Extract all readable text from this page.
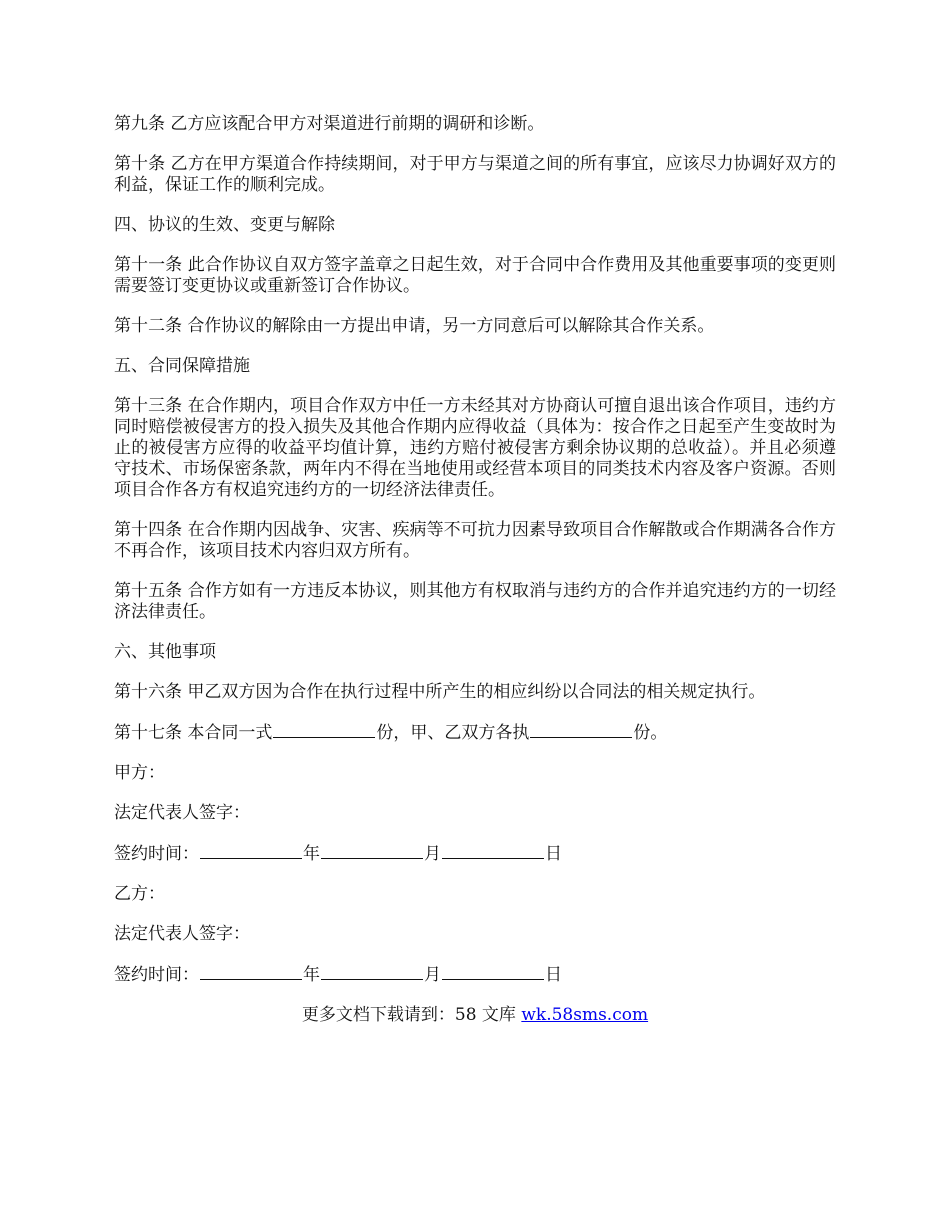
第九条 乙方应该配合甲方对渠道进行前期的调研和诊断。

第十条 乙方在甲方渠道合作持续期间，对于甲方与渠道之间的所有事宜，应该尽力协调好双方的利益，保证工作的顺利完成。

四、协议的生效、变更与解除

第十一条 此合作协议自双方签字盖章之日起生效，对于合同中合作费用及其他重要事项的变更则需要签订变更协议或重新签订合作协议。

第十二条 合作协议的解除由一方提出申请，另一方同意后可以解除其合作关系。

五、合同保障措施

第十三条 在合作期内，项目合作双方中任一方未经其对方协商认可擅自退出该合作项目，违约方同时赔偿被侵害方的投入损失及其他合作期内应得收益（具体为：按合作之日起至产生变故时为止的被侵害方应得的收益平均值计算，违约方赔付被侵害方剩余协议期的总收益）。并且必须遵守技术、市场保密条款，两年内不得在当地使用或经营本项目的同类技术内容及客户资源。否则项目合作各方有权追究违约方的一切经济法律责任。

第十四条 在合作期内因战争、灾害、疾病等不可抗力因素导致项目合作解散或合作期满各合作方不再合作，该项目技术内容归双方所有。

第十五条 合作方如有一方违反本协议，则其他方有权取消与违约方的合作并追究违约方的一切经济法律责任。

六、其他事项

第十六条 甲乙双方因为合作在执行过程中所产生的相应纠纷以合同法的相关规定执行。

第十七条 本合同一式	份，甲、乙双方各执	份。

甲方：

法定代表人签字：

签约时间：	年	月	日

乙方：

法定代表人签字：

签约时间：	年	月	日

更多文档下载请到：58 文库 wk.58sms.com
